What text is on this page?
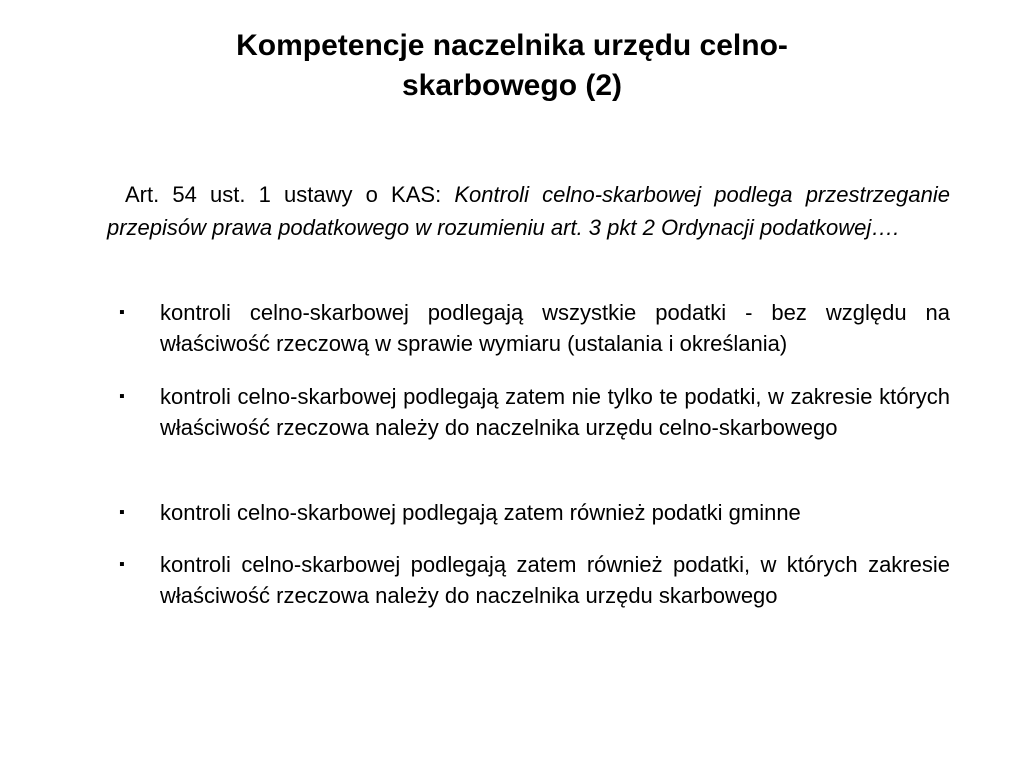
Kompetencje naczelnika urzędu celno-
skarbowego (2)

Art. 54 ust. 1 ustawy o KAS: Kontroli celno-skarbowej podlega przestrzeganie przepisów prawa podatkowego w rozumieniu art. 3 pkt 2 Ordynacji podatkowej….

▪	kontroli celno-skarbowej podlegają wszystkie podatki - bez względu na właściwość rzeczową w sprawie wymiaru (ustalania i określania)
▪	kontroli celno-skarbowej podlegają zatem nie tylko te podatki, w zakresie których właściwość rzeczowa należy do naczelnika urzędu celno-skarbowego
▪	kontroli celno-skarbowej podlegają zatem również podatki gminne
▪	kontroli celno-skarbowej podlegają zatem również podatki, w których zakresie właściwość rzeczowa należy do naczelnika urzędu skarbowego
